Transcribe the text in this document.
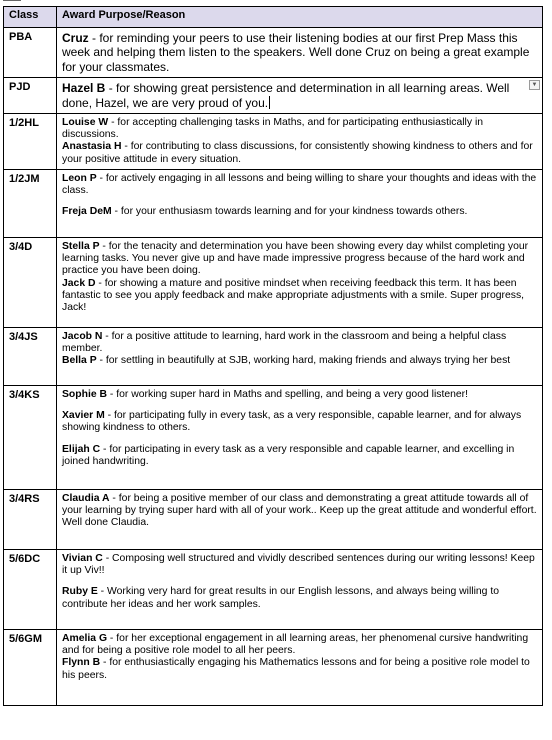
Class	Award Purpose/Reason
PBA	Cruz - for reminding your peers to use their listening bodies at our first Prep Mass this week and helping them listen to the speakers. Well done Cruz on being a great example for your classmates.

PJD	Hazel B - for showing great persistence and determination in all learning areas. Well done, Hazel, we are very proud of you.

▼

1/2HL	Louise W - for accepting challenging tasks in Maths, and for participating enthusiastically in discussions.

Anastasia H - for contributing to class discussions, for consistently showing kindness to others and for your positive attitude in every situation.

1/2JM	Leon P - for actively engaging in all lessons and being willing to share your thoughts and ideas with the class.

Freja DeM - for your enthusiasm towards learning and for your kindness towards others.

3/4D	Stella P - for the tenacity and determination you have been showing every day whilst completing your learning tasks. You never give up and have made impressive progress because of the hard work and practice you have been doing.

Jack D - for showing a mature and positive mindset when receiving feedback this term. It has been fantastic to see you apply feedback and make appropriate adjustments with a smile. Super progress, Jack!

3/4JS	Jacob N - for a positive attitude to learning, hard work in the classroom and being a helpful class member.

Bella P - for settling in beautifully at SJB, working hard, making friends and always trying her best

3/4KS	Sophie B - for working super hard in Maths and spelling, and being a very good listener!

Xavier M - for participating fully in every task, as a very responsible, capable learner, and for always showing kindness to others.

Elijah C - for participating in every task as a very responsible and capable learner, and excelling in joined handwriting.

3/4RS	Claudia A - for being a positive member of our class and demonstrating a great attitude towards all of your learning by trying super hard with all of your work.. Keep up the great attitude and wonderful effort. Well done Claudia.

5/6DC	Vivian C - Composing well structured and vividly described sentences during our writing lessons! Keep it up Viv!!

Ruby E - Working very hard for great results in our English lessons, and always being willing to contribute her ideas and her work samples.

5/6GM	Amelia G - for her exceptional engagement in all learning areas, her phenomenal cursive handwriting and for being a positive role model to all her peers.

Flynn B - for enthusiastically engaging his Mathematics lessons and for being a positive role model to his peers.
